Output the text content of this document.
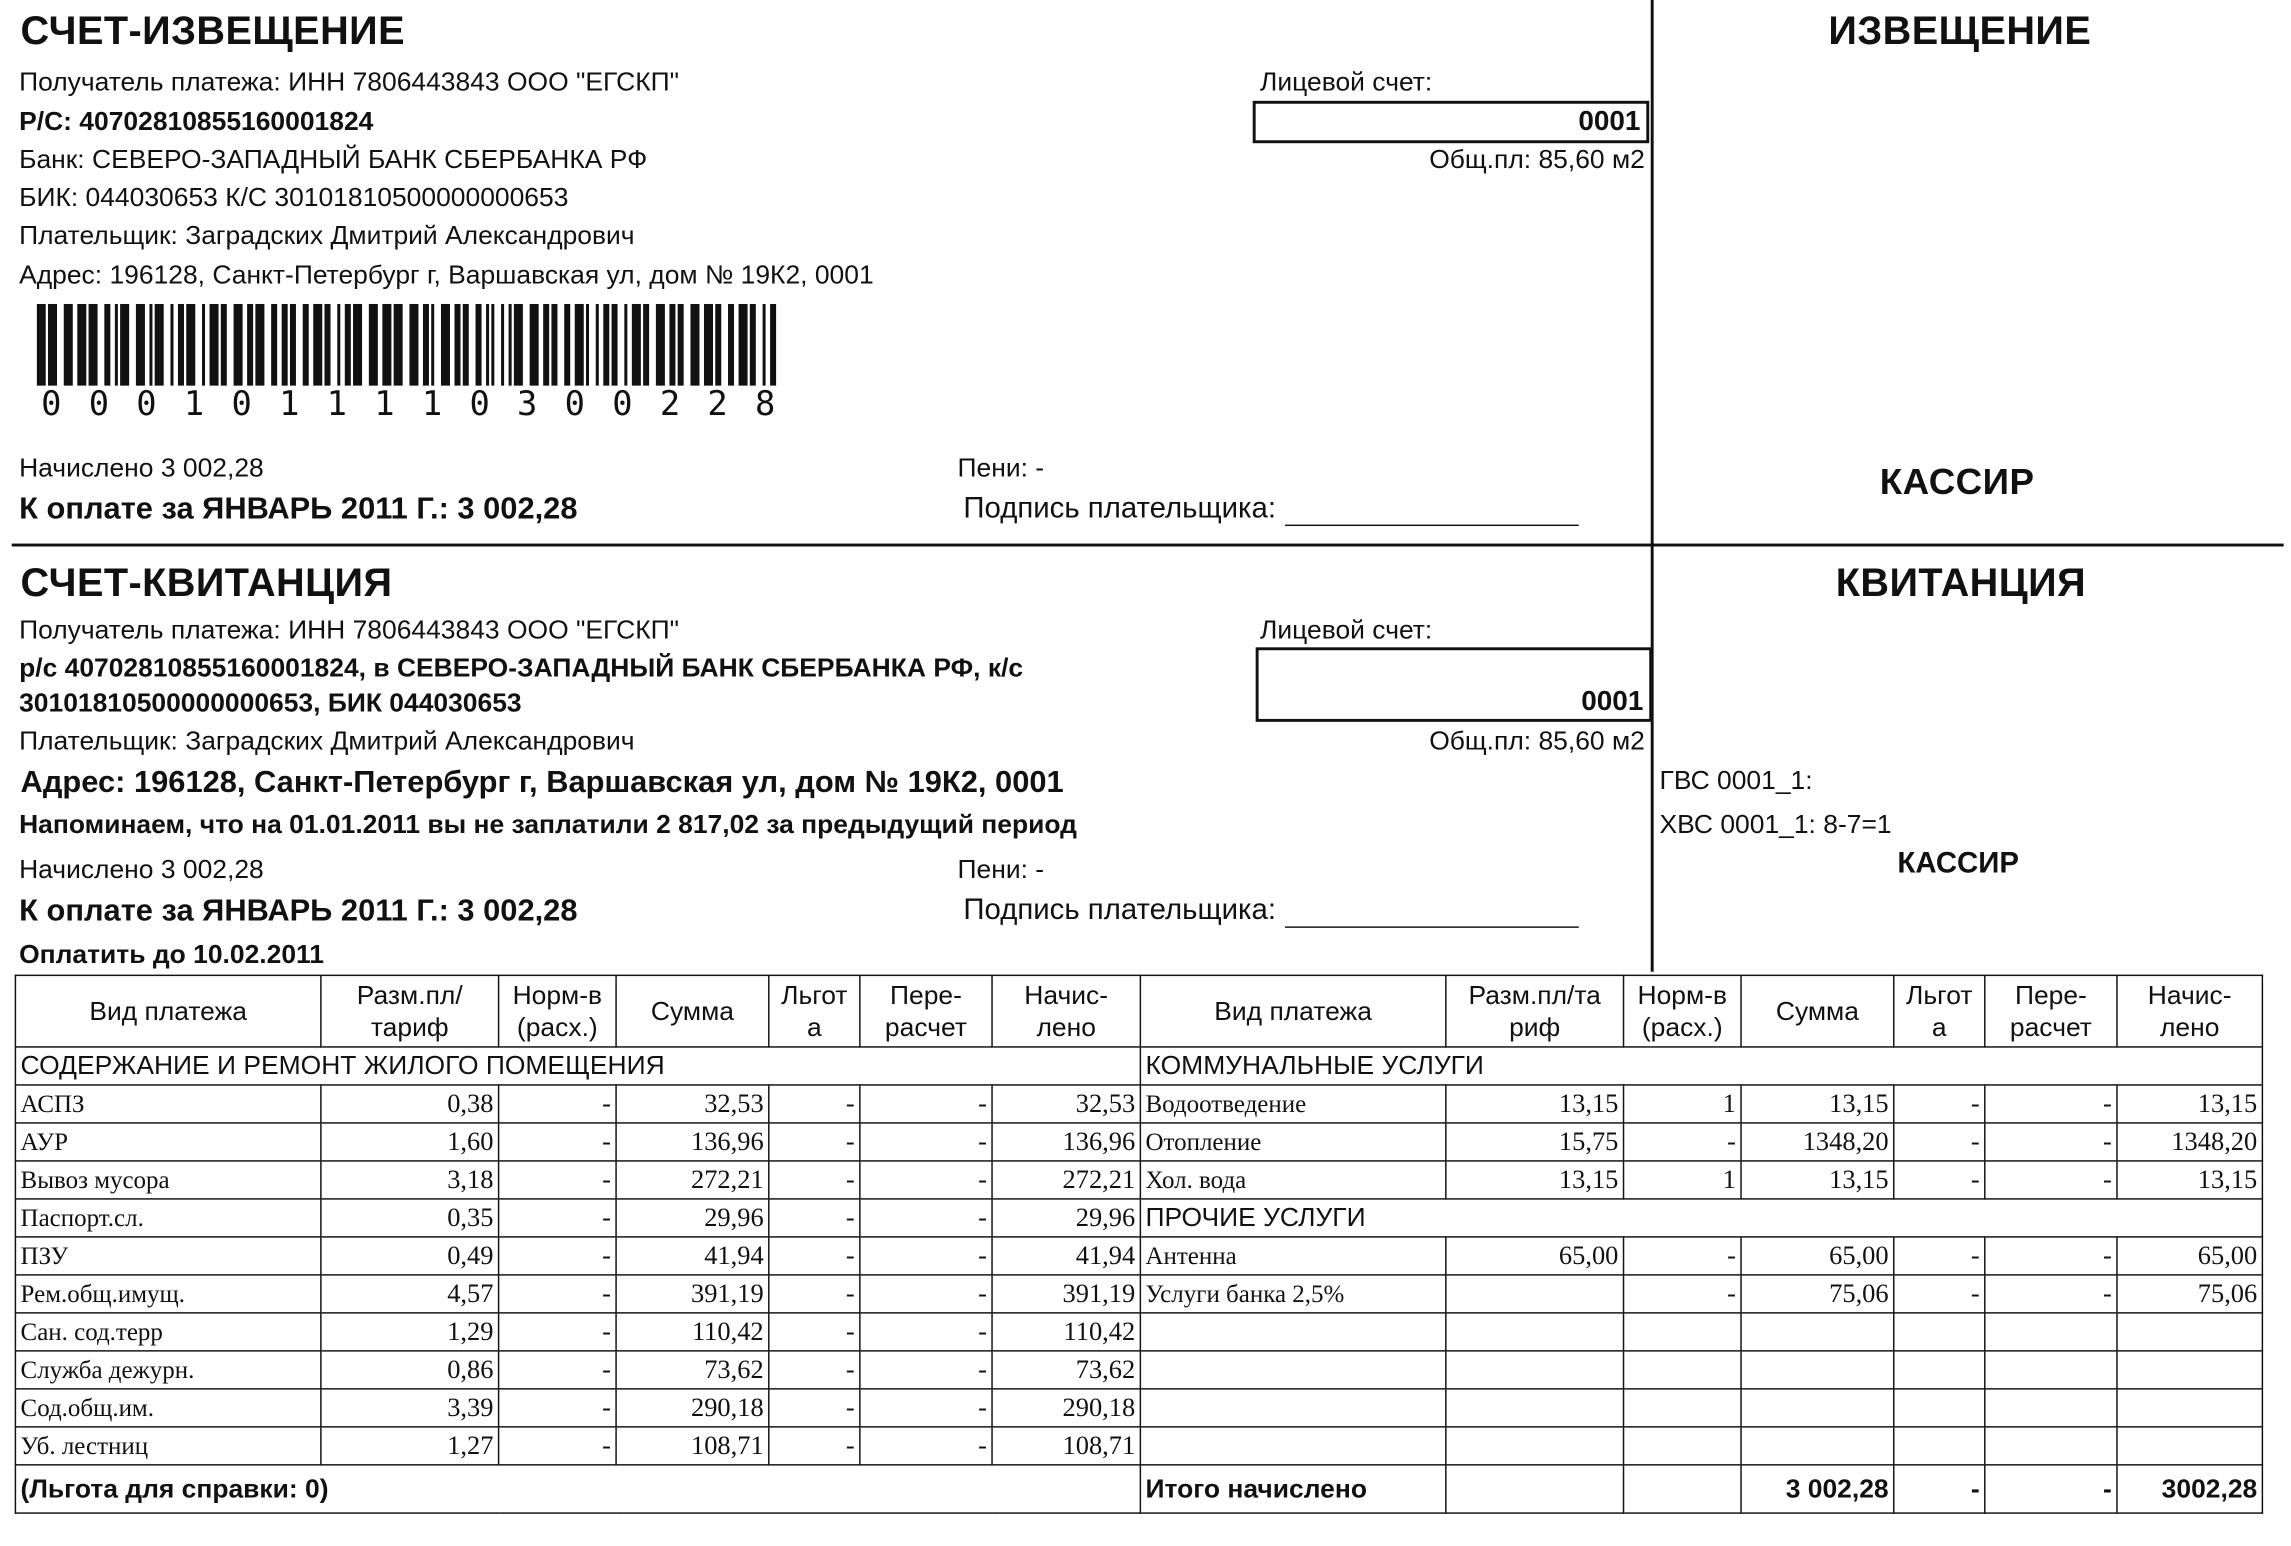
СЧЕТ-ИЗВЕЩЕНИЕ
Получатель платежа: ИНН 7806443843 ООО "ЕГСКП"
Р/С: 40702810855160001824
Банк: СЕВЕРО-ЗАПАДНЫЙ БАНК СБЕРБАНКА РФ
БИК: 044030653 К/С 30101810500000000653
Плательщик: Заградских Дмитрий Александрович
Адрес: 196128, Санкт-Петербург г, Варшавская ул, дом № 19К2, 0001
0 0 0 1 0 1 1 1 1 0 3 0 0 2 2 8
Лицевой счет:
0001
Общ.пл: 85,60 м2
Начислено 3 002,28	Пени: -
К оплате за ЯНВАРЬ 2011 Г.: 3 002,28	Подпись плательщика:
ИЗВЕЩЕНИЕ
КАССИР
СЧЕТ-КВИТАНЦИЯ
Получатель платежа: ИНН 7806443843 ООО "ЕГСКП"
р/с 40702810855160001824, в СЕВЕРО-ЗАПАДНЫЙ БАНК СБЕРБАНКА РФ, к/с
30101810500000000653, БИК 044030653
Плательщик: Заградских Дмитрий Александрович
Адрес: 196128, Санкт-Петербург г, Варшавская ул, дом № 19К2, 0001
Напоминаем, что на 01.01.2011 вы не заплатили 2 817,02 за предыдущий период
Начислено 3 002,28	Пени: -
К оплате за ЯНВАРЬ 2011 Г.: 3 002,28	Подпись плательщика:
Оплатить до 10.02.2011
Лицевой счет:
0001
Общ.пл: 85,60 м2
КВИТАНЦИЯ
ГВС 0001_1:
ХВС 0001_1: 8-7=1
КАССИР
Вид платежа	Разм.пл/ тариф	Норм-в (расх.)	Сумма	Льгот а	Пере- расчет	Начис- лено	Вид платежа	Разм.пл/та риф	Норм-в (расх.)	Сумма	Льгот а	Пере- расчет	Начис- лено
СОДЕРЖАНИЕ И РЕМОНТ ЖИЛОГО ПОМЕЩЕНИЯ							КОММУНАЛЬНЫЕ УСЛУГИ						
АСПЗ	0,38	-	32,53	-	-	32,53	Водоотведение	13,15	1	13,15	-	-	13,15
АУР	1,60	-	136,96	-	-	136,96	Отопление	15,75	-	1348,20	-	-	1348,20
Вывоз мусора	3,18	-	272,21	-	-	272,21	Хол. вода	13,15	1	13,15	-	-	13,15
Паспорт.сл.	0,35	-	29,96	-	-	29,96	ПРОЧИЕ УСЛУГИ						
ПЗУ	0,49	-	41,94	-	-	41,94	Антенна	65,00	-	65,00	-	-	65,00
Рем.общ.имущ.	4,57	-	391,19	-	-	391,19	Услуги банка 2,5%		-	75,06	-	-	75,06
Сан. сод.терр	1,29	-	110,42	-	-	110,42							
Служба дежурн.	0,86	-	73,62	-	-	73,62							
Сод.общ.им.	3,39	-	290,18	-	-	290,18							
Уб. лестниц	1,27	-	108,71	-	-	108,71							
(Льгота для справки: 0)							Итого начислено			3 002,28	-	-	3002,28
